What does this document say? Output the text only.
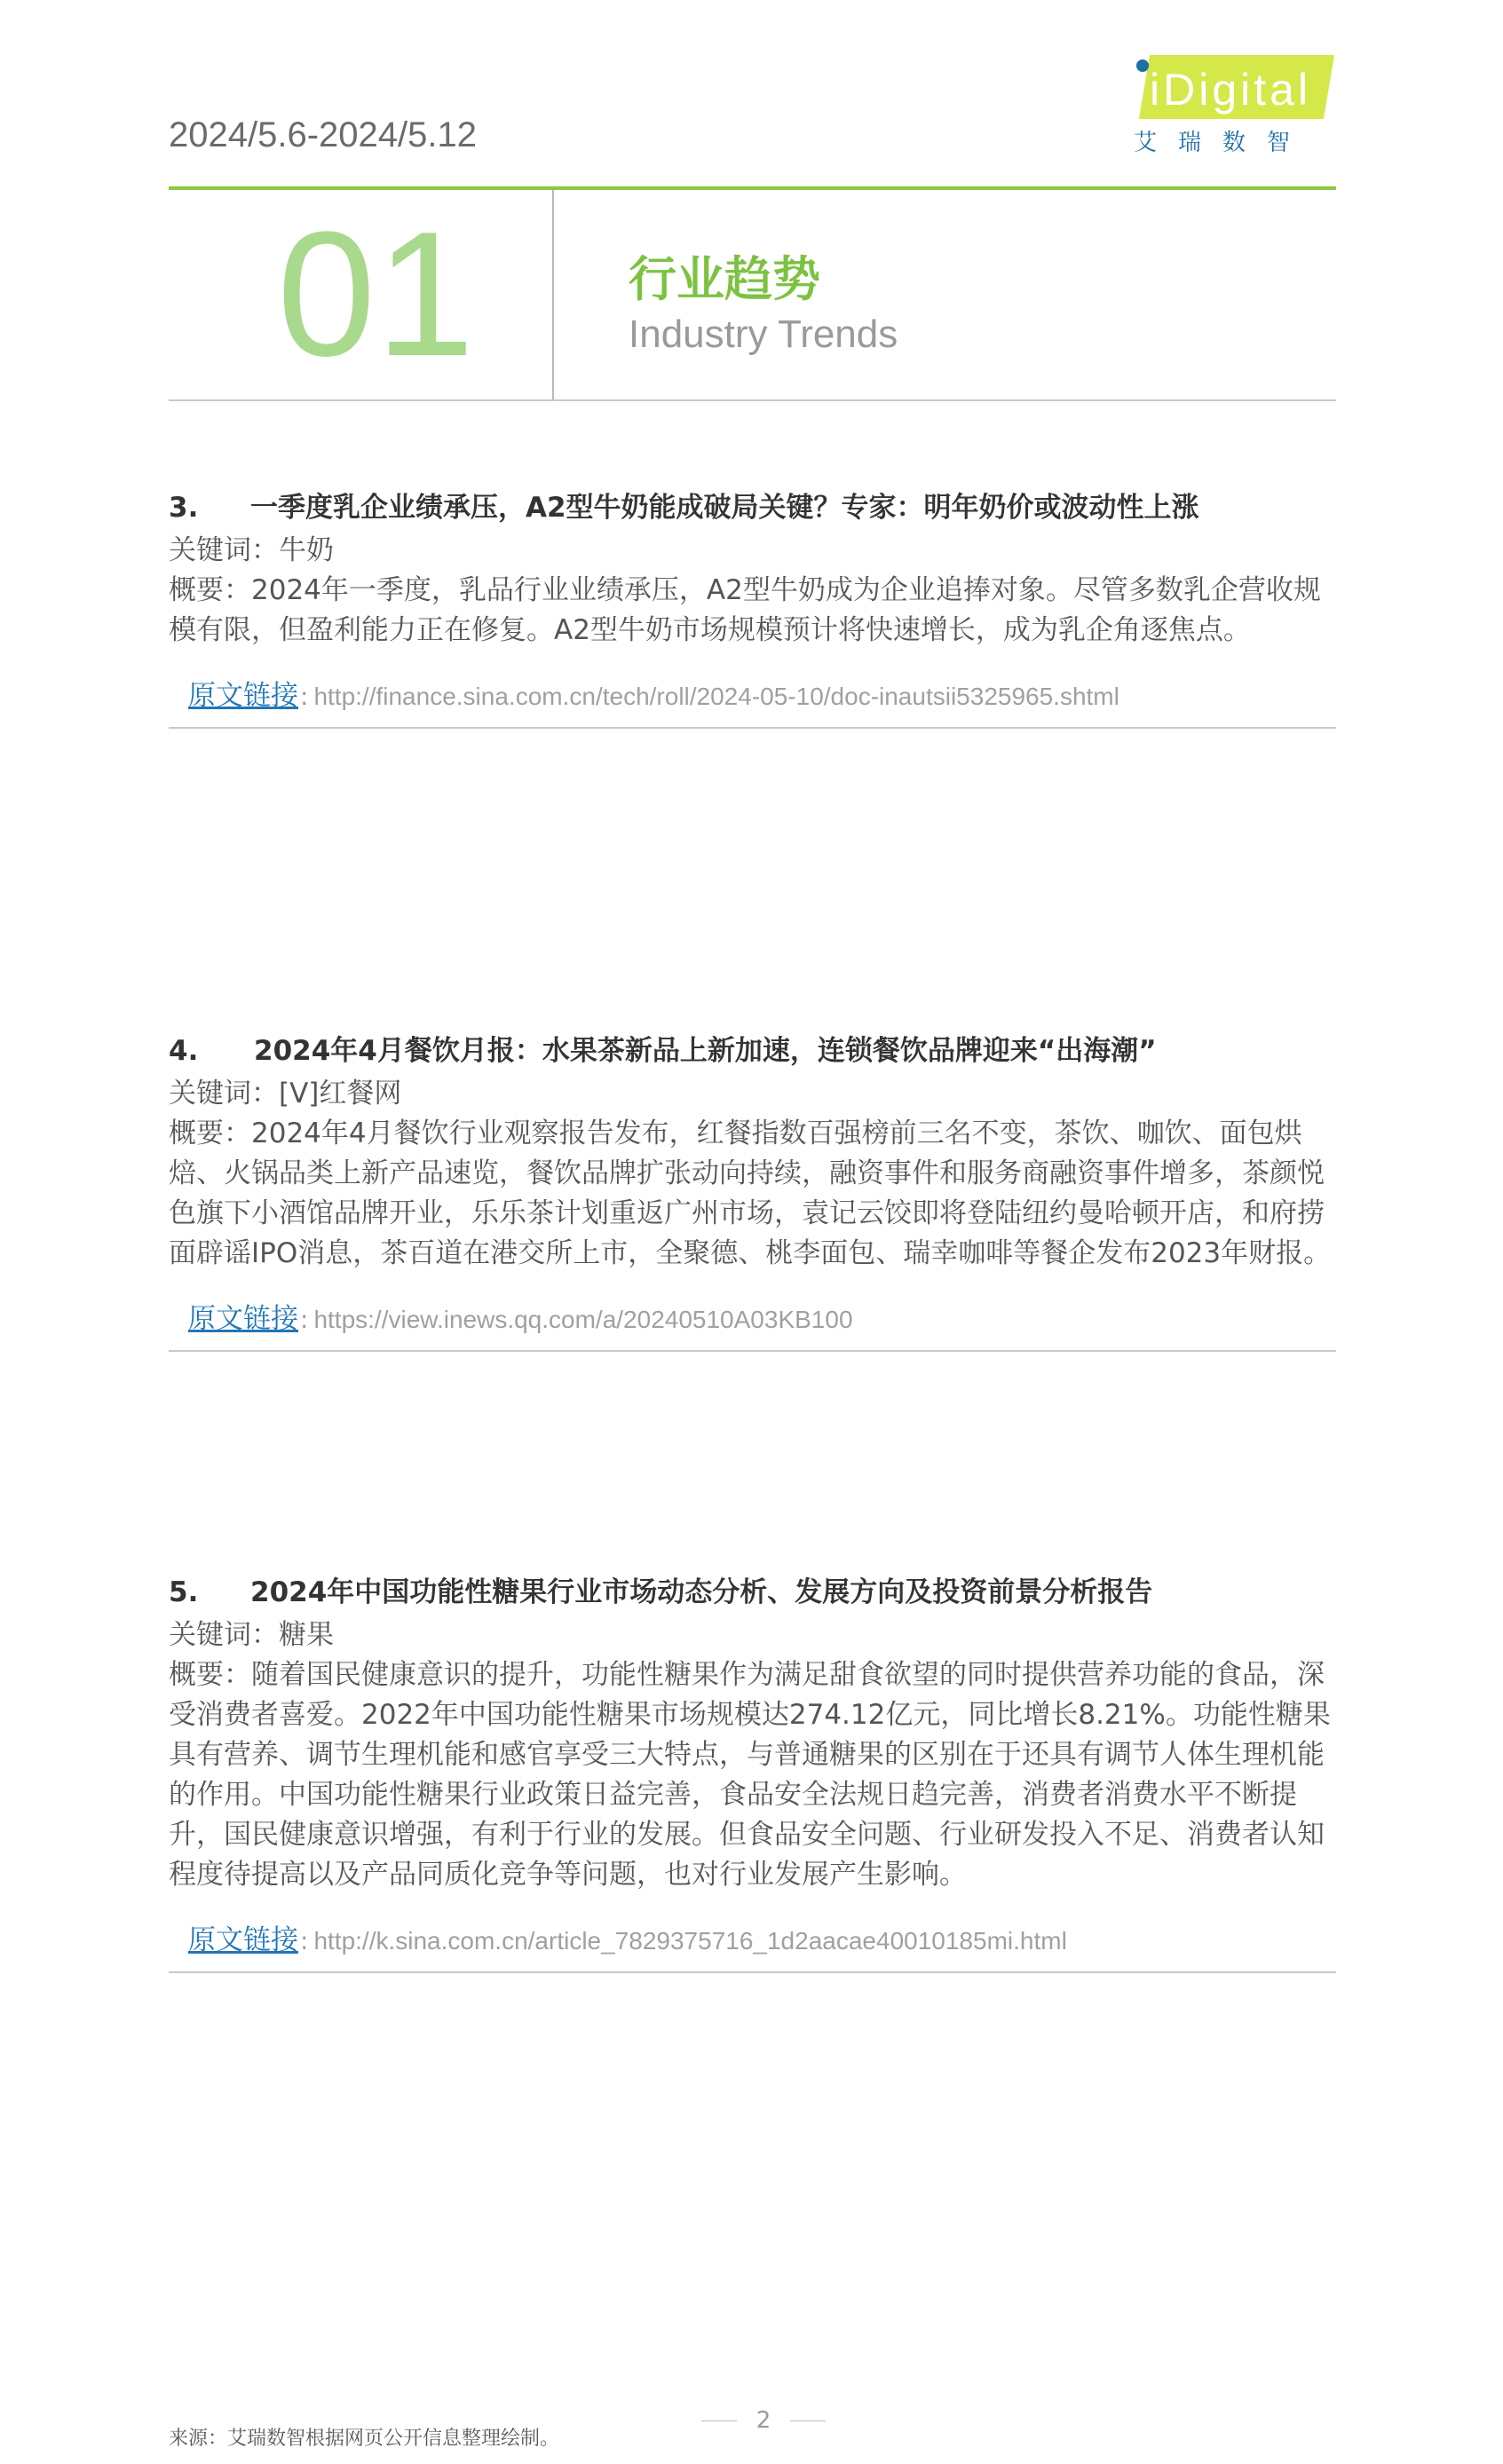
2024/5.6-2024/5.12
iDigital
艾瑞数智
01	行业趋势
Industry Trends
3. 一季度乳企业绩承压，A2型牛奶能成破局关键？专家：明年奶价或波动性上涨
关键词：牛奶
概要：2024年一季度，乳品行业业绩承压，A2型牛奶成为企业追捧对象。尽管多数乳企营收规模有限，但盈利能力正在修复。A2型牛奶市场规模预计将快速增长，成为乳企角逐焦点。
原文链接: http://finance.sina.com.cn/tech/roll/2024-05-10/doc-inautsii5325965.shtml
4. 2024年4月餐饮月报：水果茶新品上新加速，连锁餐饮品牌迎来“出海潮”
关键词：[V]红餐网
概要：2024年4月餐饮行业观察报告发布，红餐指数百强榜前三名不变，茶饮、咖饮、面包烘焙、火锅品类上新产品速览，餐饮品牌扩张动向持续，融资事件和服务商融资事件增多，茶颜悦色旗下小酒馆品牌开业，乐乐茶计划重返广州市场，袁记云饺即将登陆纽约曼哈顿开店，和府捞面辟谣IPO消息，茶百道在港交所上市，全聚德、桃李面包、瑞幸咖啡等餐企发布2023年财报。
原文链接: https://view.inews.qq.com/a/20240510A03KB100
5. 2024年中国功能性糖果行业市场动态分析、发展方向及投资前景分析报告
关键词：糖果
概要：随着国民健康意识的提升，功能性糖果作为满足甜食欲望的同时提供营养功能的食品，深受消费者喜爱。2022年中国功能性糖果市场规模达274.12亿元，同比增长8.21%。功能性糖果具有营养、调节生理机能和感官享受三大特点，与普通糖果的区别在于还具有调节人体生理机能的作用。中国功能性糖果行业政策日益完善，食品安全法规日趋完善，消费者消费水平不断提升，国民健康意识增强，有利于行业的发展。但食品安全问题、行业研发投入不足、消费者认知程度待提高以及产品同质化竞争等问题，也对行业发展产生影响。
原文链接: http://k.sina.com.cn/article_7829375716_1d2aacae40010185mi.html
2
来源：艾瑞数智根据网页公开信息整理绘制。
